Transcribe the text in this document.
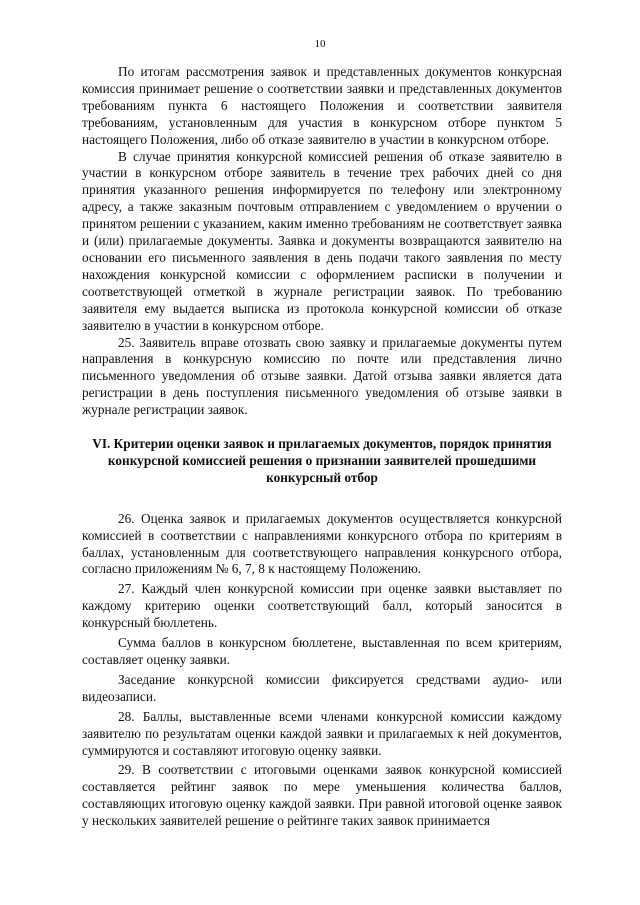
10

По итогам рассмотрения заявок и представленных документов конкурсная комиссия принимает решение о соответствии заявки и представленных документов требованиям пункта 6 настоящего Положения и соответствии заявителя требованиям, установленным для участия в конкурсном отборе пунктом 5 настоящего Положения, либо об отказе заявителю в участии в конкурсном отборе.

В случае принятия конкурсной комиссией решения об отказе заявителю в участии в конкурсном отборе заявитель в течение трех рабочих дней со дня принятия указанного решения информируется по телефону или электронному адресу, а также заказным почтовым отправлением с уведомлением о вручении о принятом решении с указанием, каким именно требованиям не соответствует заявка и (или) прилагаемые документы. Заявка и документы возвращаются заявителю на основании его письменного заявления в день подачи такого заявления по месту нахождения конкурсной комиссии с оформлением расписки в получении и соответствующей отметкой в журнале регистрации заявок. По требованию заявителя ему выдается выписка из протокола конкурсной комиссии об отказе заявителю в участии в конкурсном отборе.

25. Заявитель вправе отозвать свою заявку и прилагаемые документы путем направления в конкурсную комиссию по почте или представления лично письменного уведомления об отзыве заявки. Датой отзыва заявки является дата регистрации в день поступления письменного уведомления об отзыве заявки в журнале регистрации заявок.

VI. Критерии оценки заявок и прилагаемых документов, порядок принятия конкурсной комиссией решения о признании заявителей прошедшими конкурсный отбор

26. Оценка заявок и прилагаемых документов осуществляется конкурсной комиссией в соответствии с направлениями конкурсного отбора по критериям в баллах, установленным для соответствующего направления конкурсного отбора, согласно приложениям № 6, 7, 8 к настоящему Положению.

27. Каждый член конкурсной комиссии при оценке заявки выставляет по каждому критерию оценки соответствующий балл, который заносится в конкурсный бюллетень.

Сумма баллов в конкурсном бюллетене, выставленная по всем критериям, составляет оценку заявки.

Заседание конкурсной комиссии фиксируется средствами аудио- или видеозаписи.

28. Баллы, выставленные всеми членами конкурсной комиссии каждому заявителю по результатам оценки каждой заявки и прилагаемых к ней документов, суммируются и составляют итоговую оценку заявки.

29. В соответствии с итоговыми оценками заявок конкурсной комиссией составляется рейтинг заявок по мере уменьшения количества баллов, составляющих итоговую оценку каждой заявки. При равной итоговой оценке заявок у нескольких заявителей решение о рейтинге таких заявок принимается
